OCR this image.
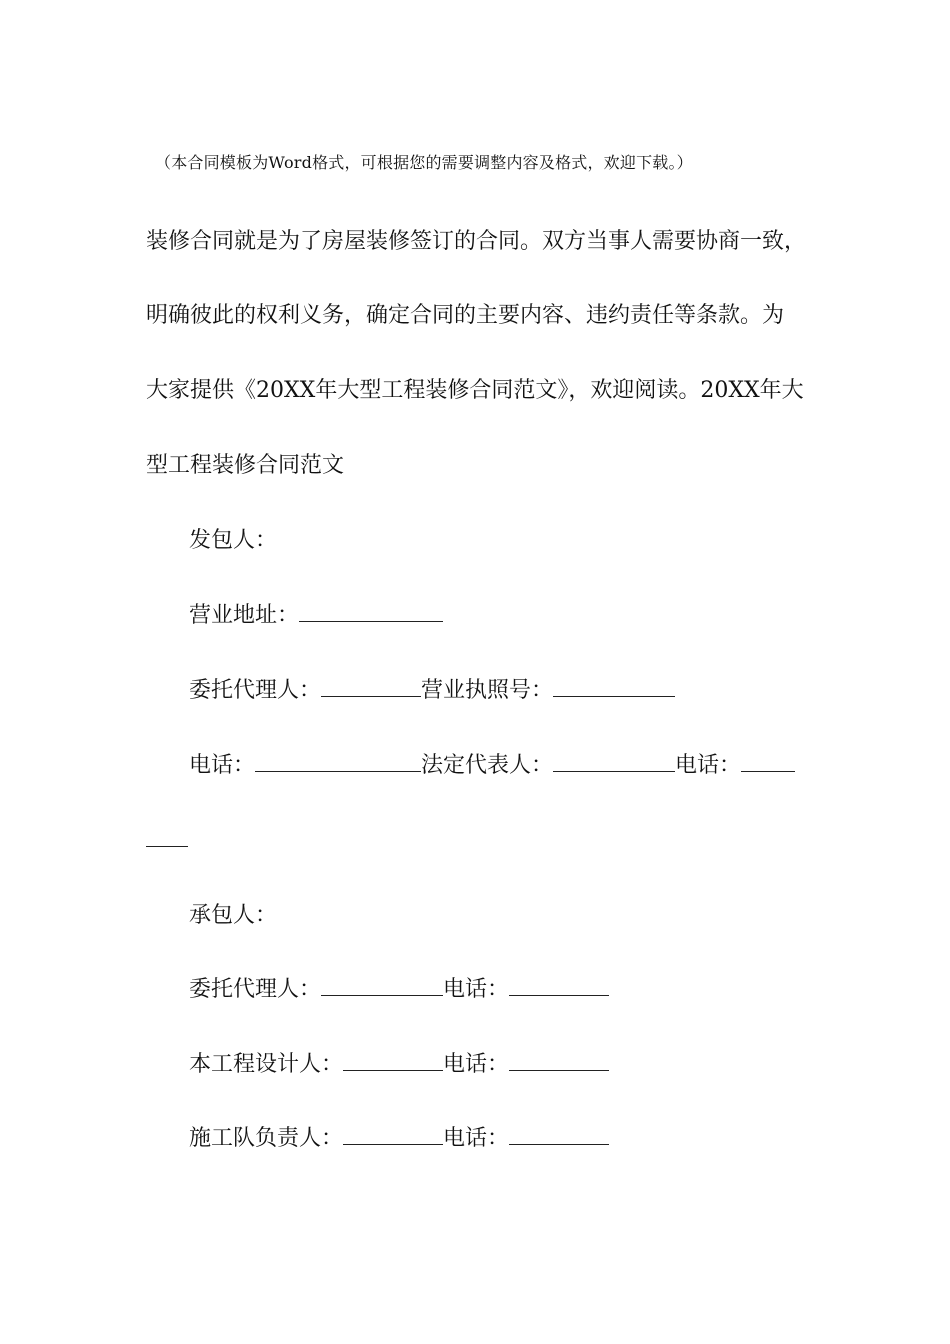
（本合同模板为Word格式，可根据您的需要调整内容及格式，欢迎下载。）
装修合同就是为了房屋装修签订的合同。双方当事人需要协商一致，
明确彼此的权利义务，确定合同的主要内容、违约责任等条款。为
大家提供《20XX年大型工程装修合同范文》，欢迎阅读。20XX年大
型工程装修合同范文
发包人：
营业地址：
委托代理人：	营业执照号：
电话：	法定代表人：	电话：
承包人：
委托代理人：	电话：
本工程设计人：	电话：
施工队负责人：	电话：
